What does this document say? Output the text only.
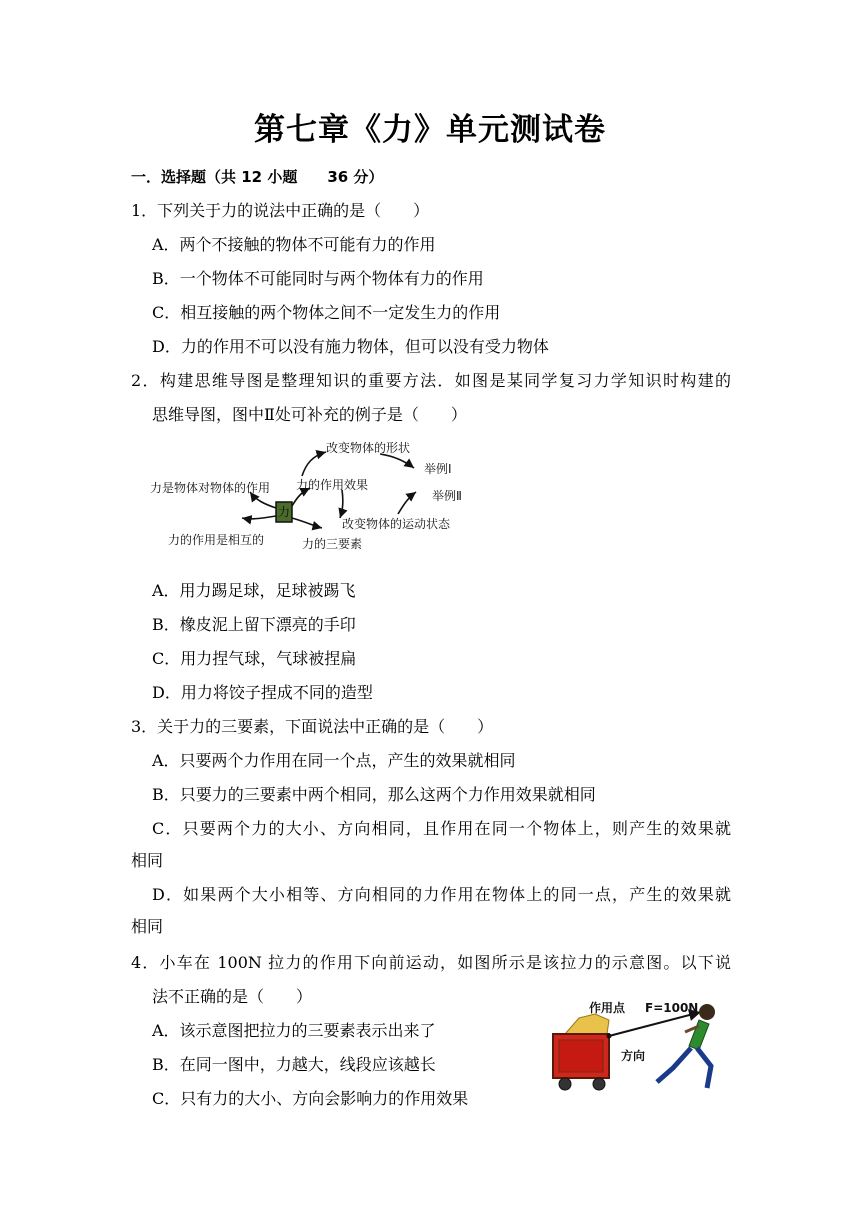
第七章《力》单元测试卷
一．选择题（共 12 小题　　36 分）
1．下列关于力的说法中正确的是（　　）
A．两个不接触的物体不可能有力的作用
B．一个物体不可能同时与两个物体有力的作用
C．相互接触的两个物体之间不一定发生力的作用
D．力的作用不可以没有施力物体，但可以没有受力物体
2．构建思维导图是整理知识的重要方法．如图是某同学复习力学知识时构建的
思维导图，图中Ⅱ处可补充的例子是（　　）
力
力是物体对物体的作用
力的作用是相互的
力的作用效果
力的三要素
改变物体的形状
改变物体的运动状态
举例Ⅰ
举例Ⅱ
A．用力踢足球，足球被踢飞
B．橡皮泥上留下漂亮的手印
C．用力捏气球，气球被捏扁
D．用力将饺子捏成不同的造型
3．关于力的三要素，下面说法中正确的是（　　）
A．只要两个力作用在同一个点，产生的效果就相同
B．只要力的三要素中两个相同，那么这两个力作用效果就相同
C．只要两个力的大小、方向相同，且作用在同一个物体上，则产生的效果就
相同
D．如果两个大小相等、方向相同的力作用在物体上的同一点，产生的效果就
相同
4．小车在 100N 拉力的作用下向前运动，如图所示是该拉力的示意图。以下说
法不正确的是（　　）
A．该示意图把拉力的三要素表示出来了
B．在同一图中，力越大，线段应该越长
C．只有力的大小、方向会影响力的作用效果
作用点 F=100N
方向
